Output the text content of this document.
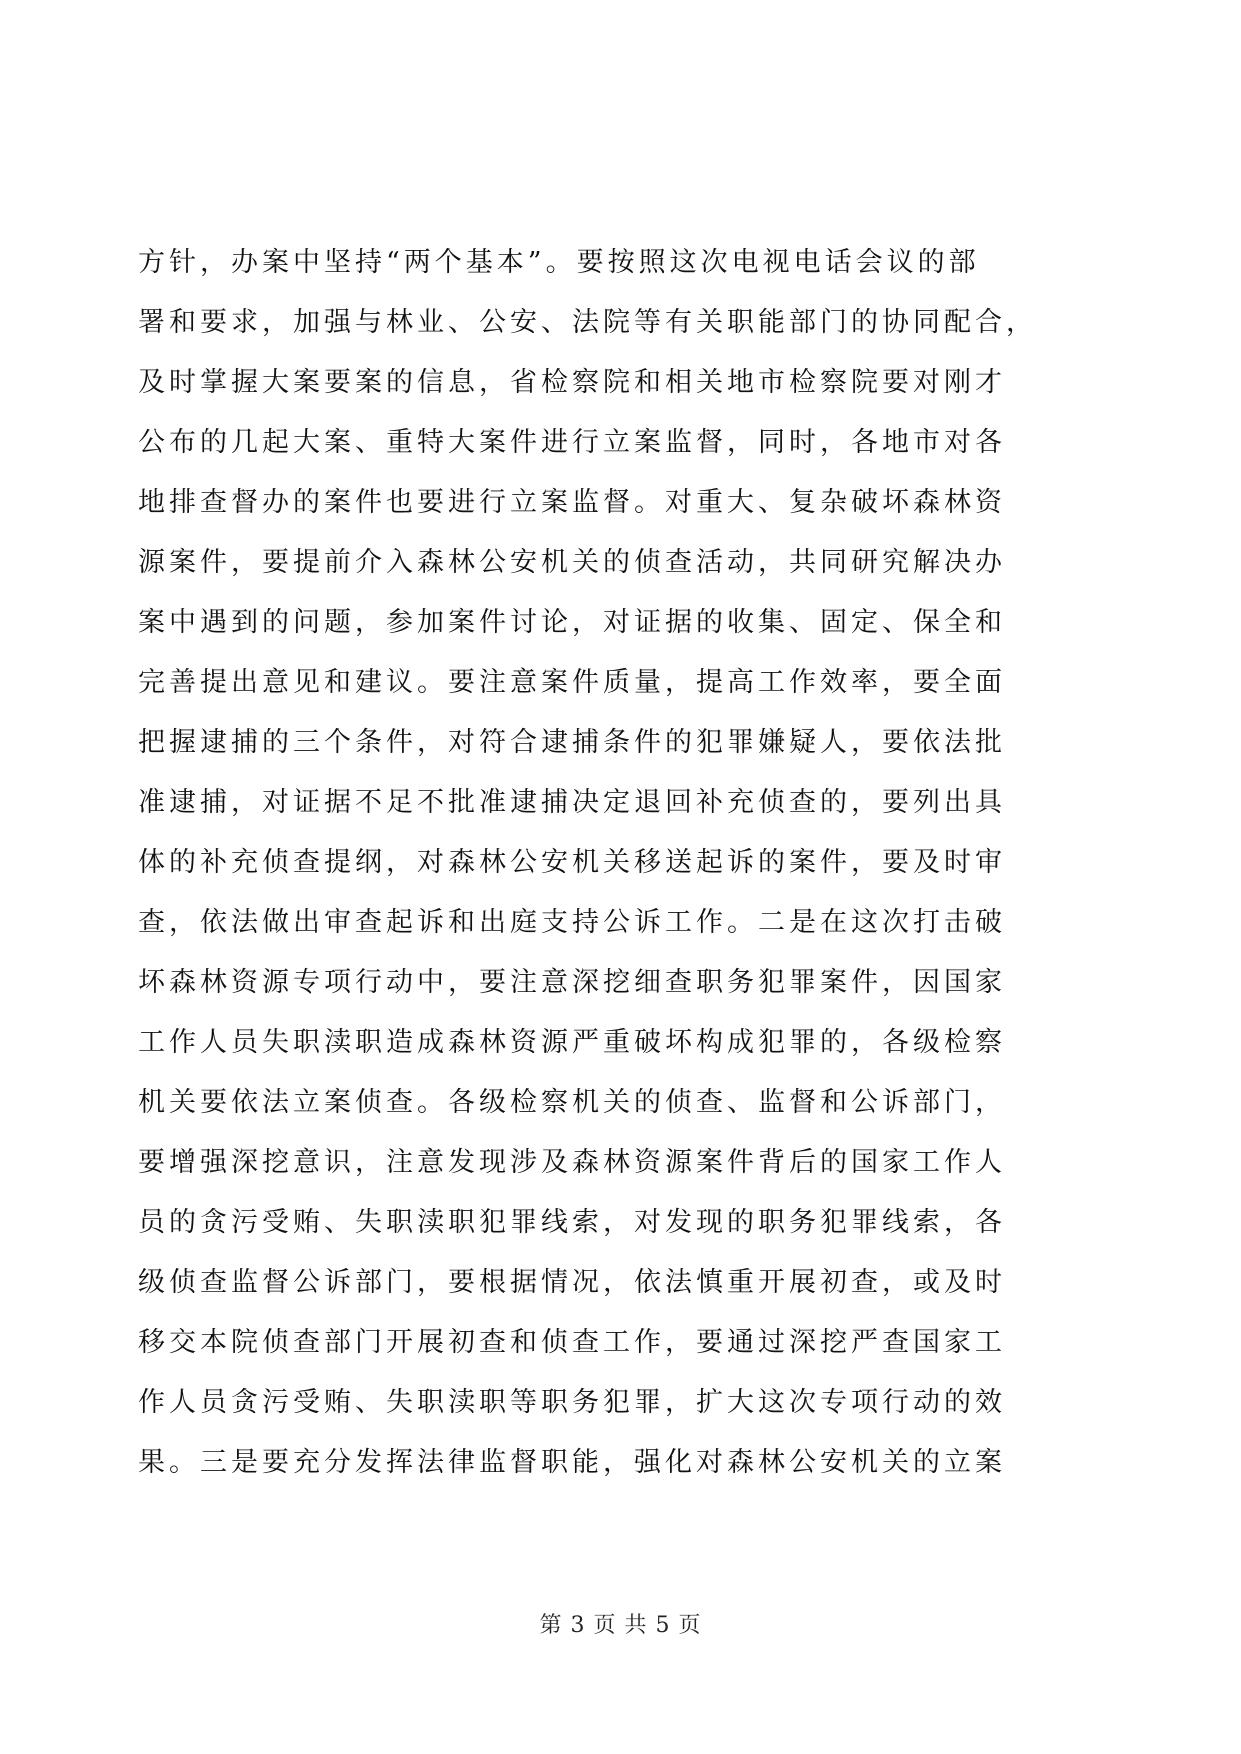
方针，办案中坚持“两个基本”。要按照这次电视电话会议的部
署和要求，加强与林业、公安、法院等有关职能部门的协同配合，
及时掌握大案要案的信息，省检察院和相关地市检察院要对刚才
公布的几起大案、重特大案件进行立案监督，同时，各地市对各
地排查督办的案件也要进行立案监督。对重大、复杂破坏森林资
源案件，要提前介入森林公安机关的侦查活动，共同研究解决办
案中遇到的问题，参加案件讨论，对证据的收集、固定、保全和
完善提出意见和建议。要注意案件质量，提高工作效率，要全面
把握逮捕的三个条件，对符合逮捕条件的犯罪嫌疑人，要依法批
准逮捕，对证据不足不批准逮捕决定退回补充侦查的，要列出具
体的补充侦查提纲，对森林公安机关移送起诉的案件，要及时审
查，依法做出审查起诉和出庭支持公诉工作。二是在这次打击破
坏森林资源专项行动中，要注意深挖细查职务犯罪案件，因国家
工作人员失职渎职造成森林资源严重破坏构成犯罪的，各级检察
机关要依法立案侦查。各级检察机关的侦查、监督和公诉部门，
要增强深挖意识，注意发现涉及森林资源案件背后的国家工作人
员的贪污受贿、失职渎职犯罪线索，对发现的职务犯罪线索，各
级侦查监督公诉部门，要根据情况，依法慎重开展初查，或及时
移交本院侦查部门开展初查和侦查工作，要通过深挖严查国家工
作人员贪污受贿、失职渎职等职务犯罪，扩大这次专项行动的效
果。三是要充分发挥法律监督职能，强化对森林公安机关的立案
第 3 页 共 5 页
